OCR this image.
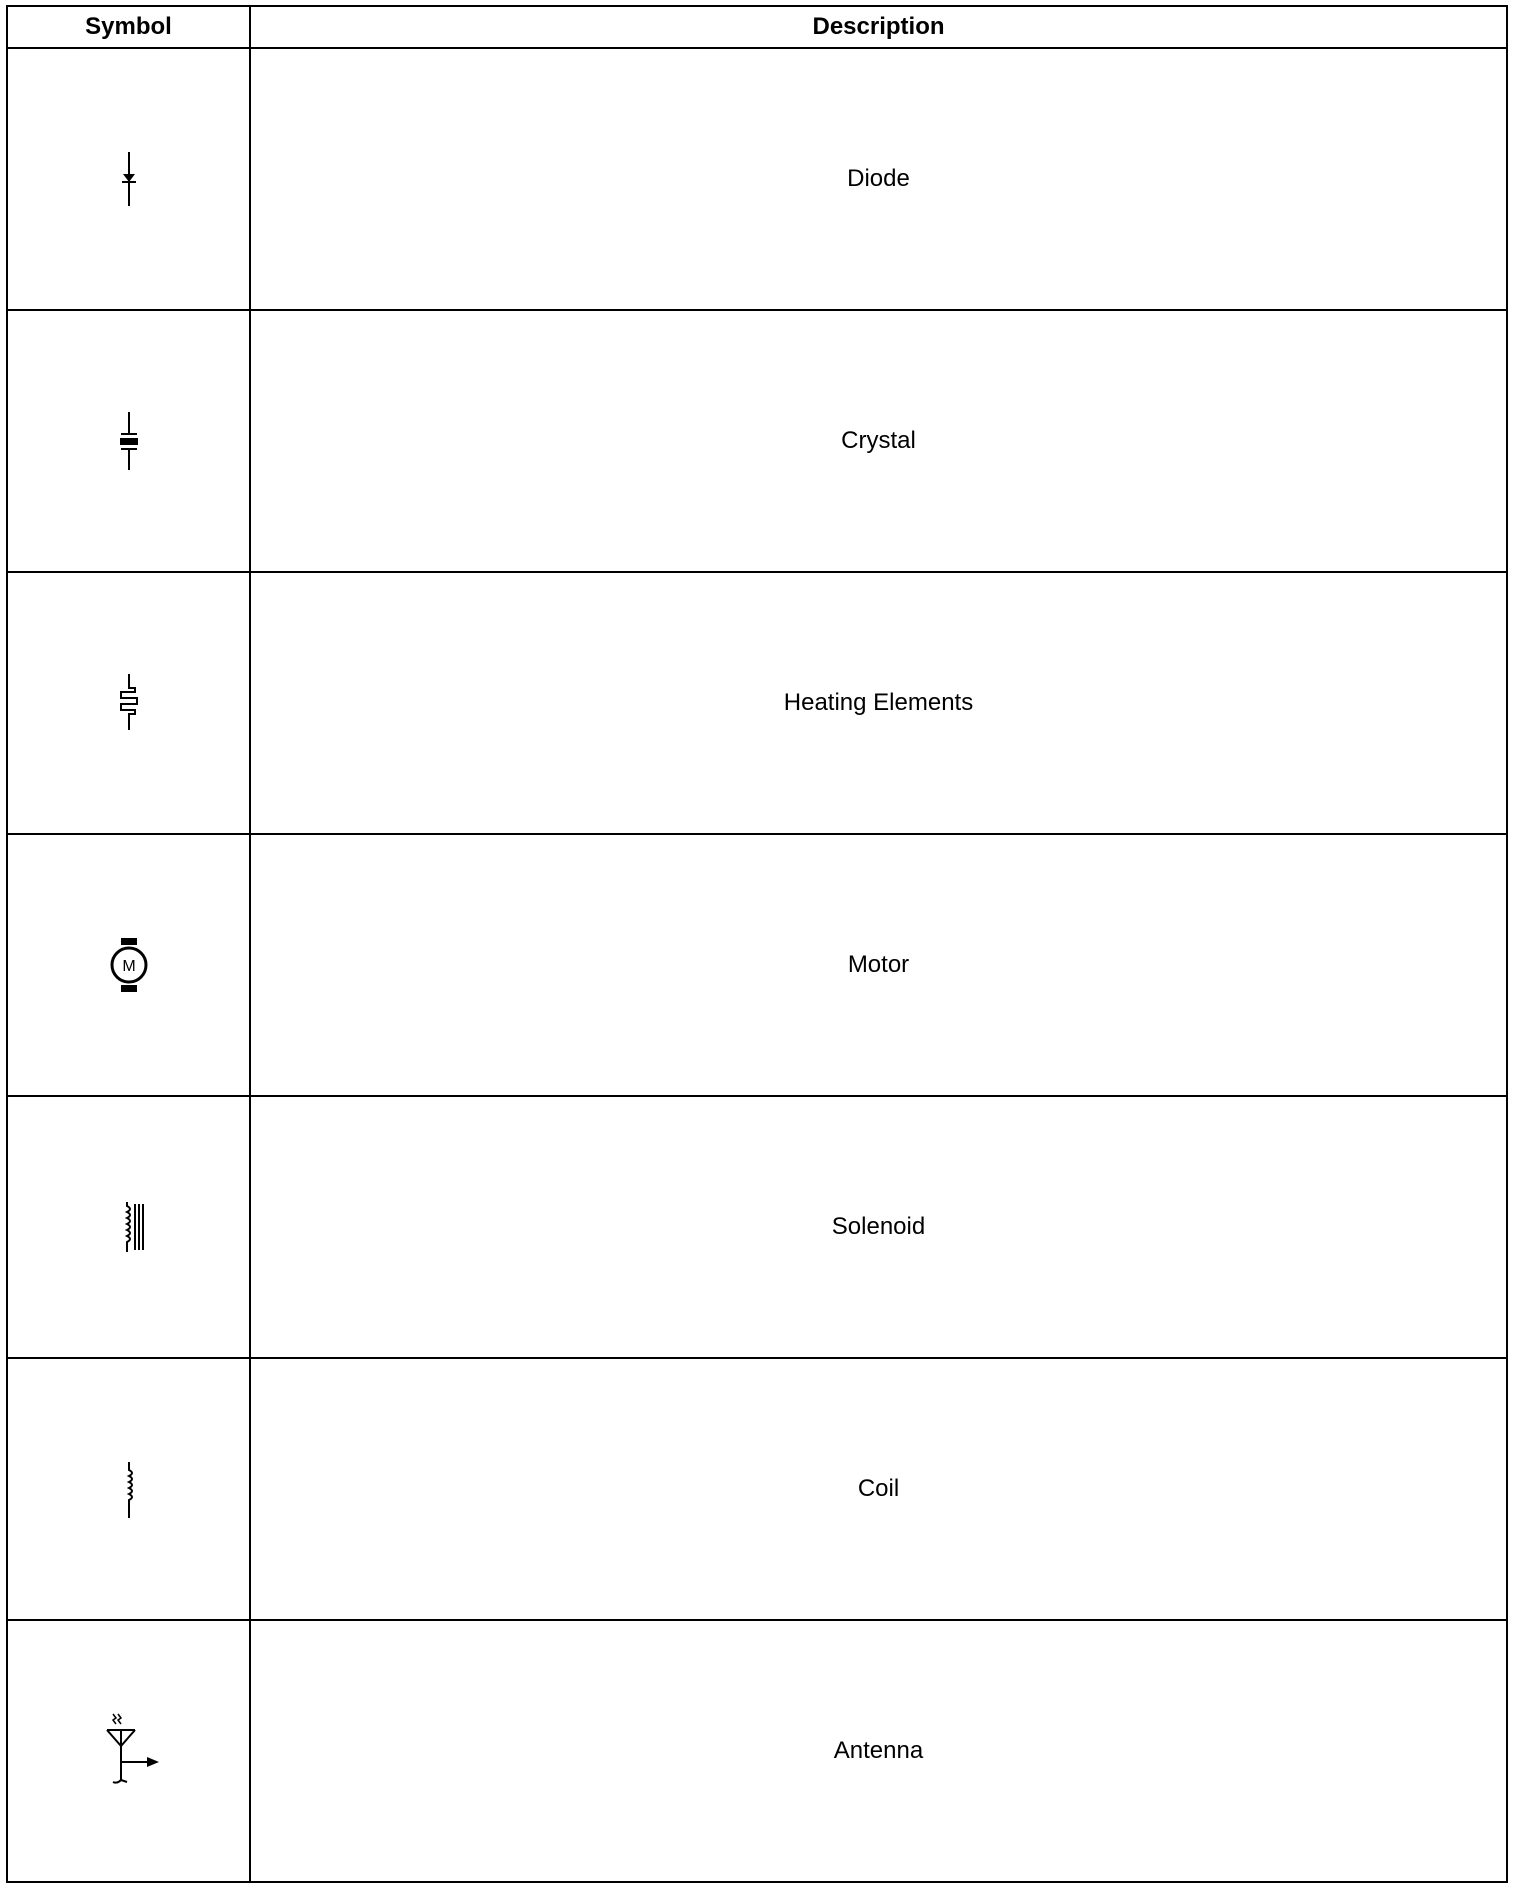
Symbol	Description

	Diode

	Crystal

	Heating Elements

M	Motor

	Solenoid

	Coil

	Antenna
